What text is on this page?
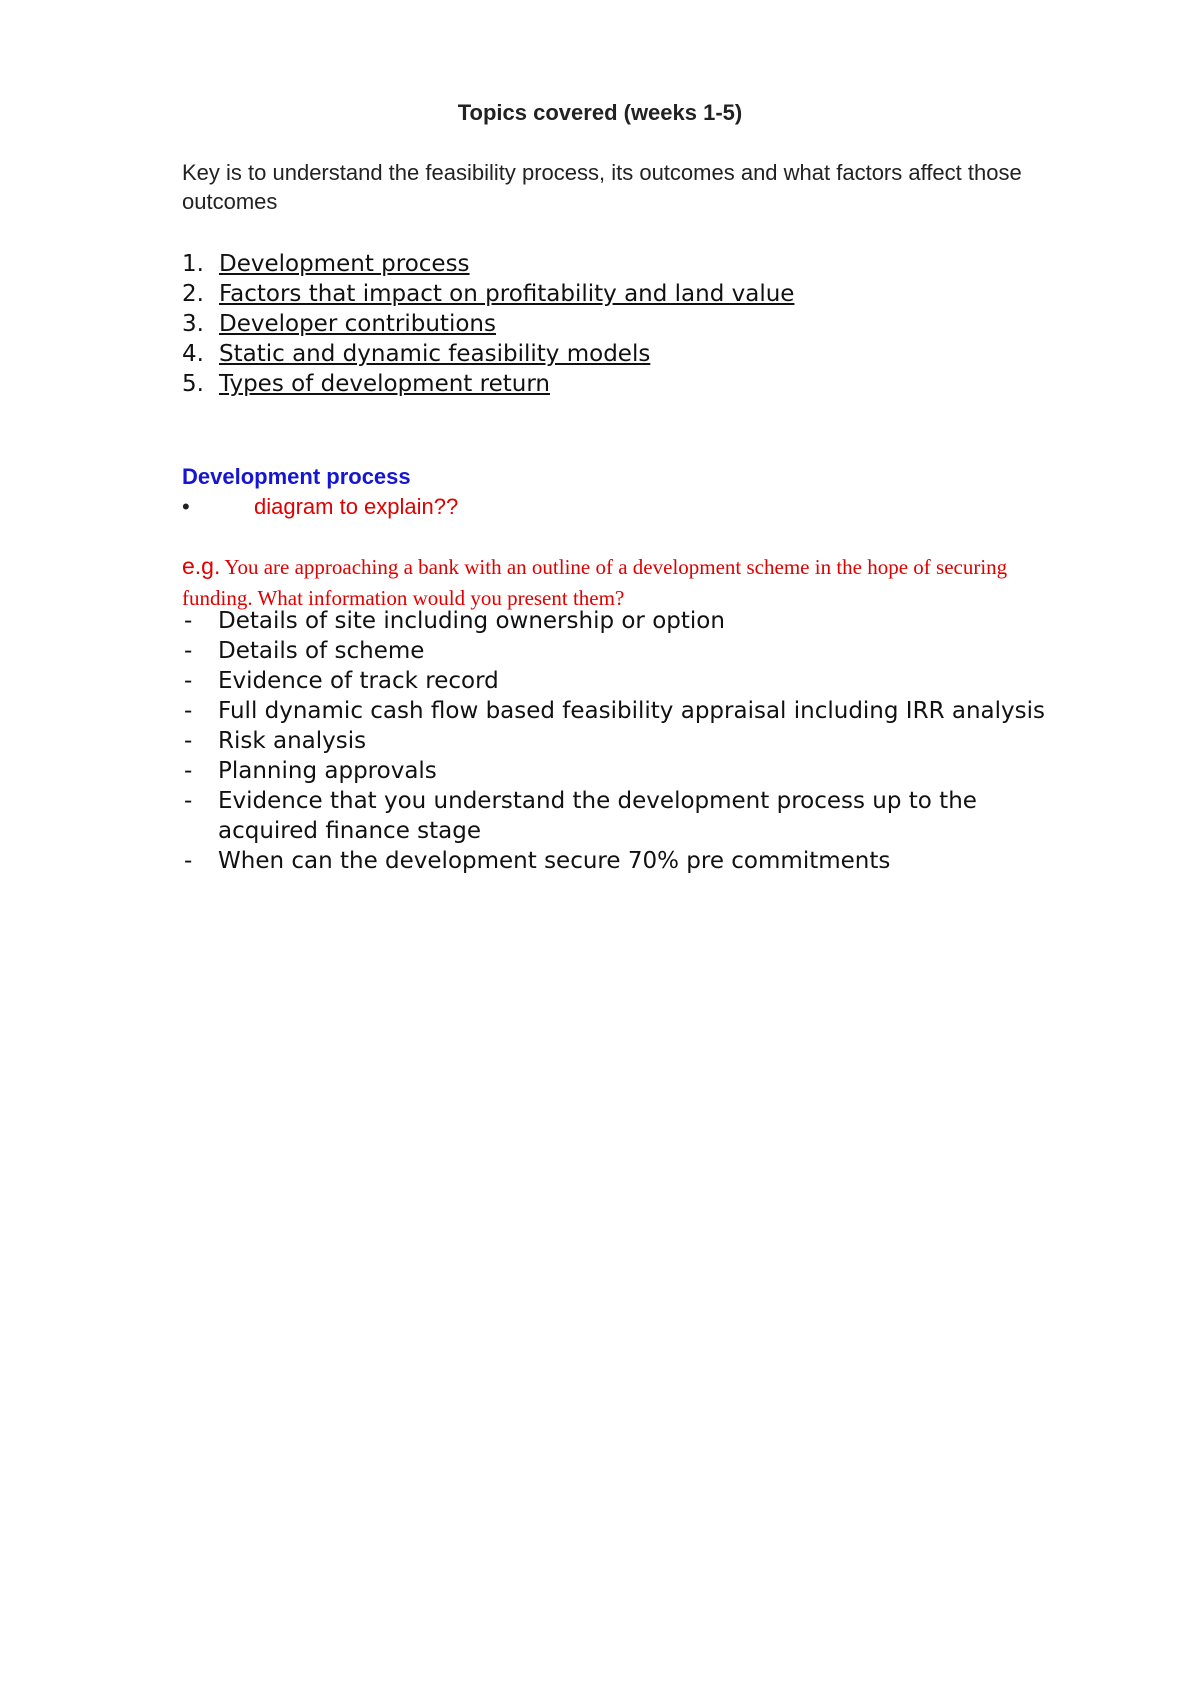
Topics covered (weeks 1-5)
Key is to understand the feasibility process, its outcomes and what factors affect those outcomes
1. Development process
2. Factors that impact on profitability and land value
3. Developer contributions
4. Static and dynamic feasibility models
5. Types of development return
Development process
•	diagram to explain??
e.g. You are approaching a bank with an outline of a development scheme in the hope of securing funding. What information would you present them?
- Details of site including ownership or option
- Details of scheme
- Evidence of track record
- Full dynamic cash flow based feasibility appraisal including IRR analysis
- Risk analysis
- Planning approvals
- Evidence that you understand the development process up to the acquired finance stage
- When can the development secure 70% pre commitments
